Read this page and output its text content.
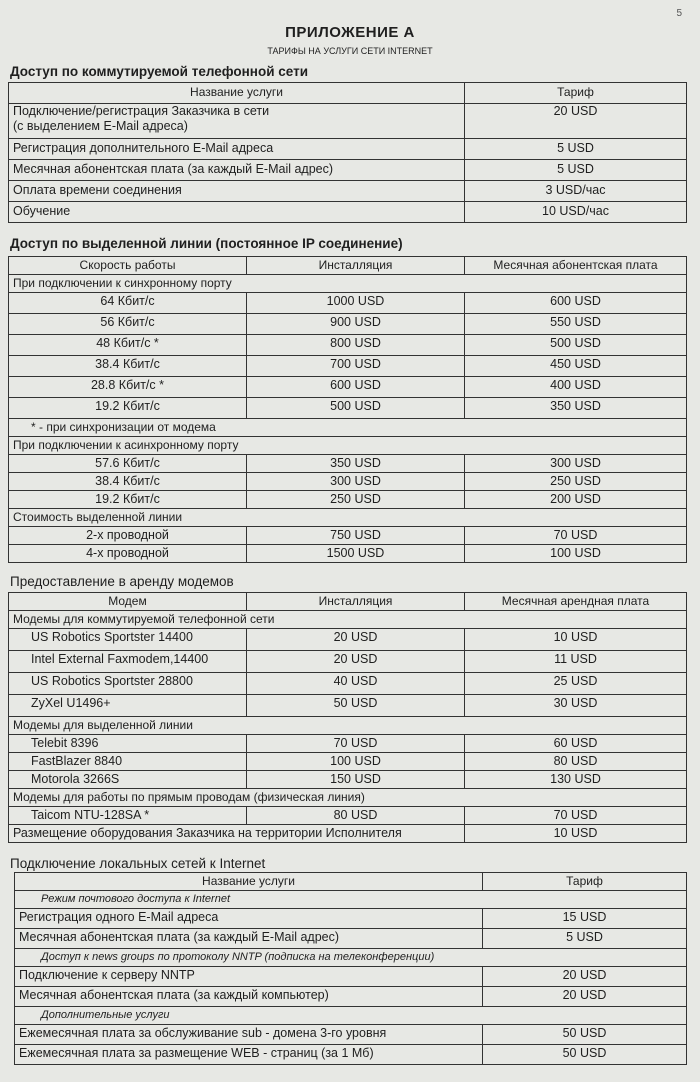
5
ПРИЛОЖЕНИЕ А

ТАРИФЫ НА УСЛУГИ СЕТИ INTERNET

Доступ по коммутируемой телефонной сети
Название услуги	Тариф
Подключение/регистрация Заказчика в сети
(с выделением E-Mail адреса)	20 USD
Регистрация дополнительного E-Mail адреса	5 USD
Месячная абонентская плата (за каждый E-Mail адрес)	5 USD
Оплата времени соединения	3 USD/час
Обучение	10 USD/час
Доступ по выделенной линии (постоянное IP соединение)
Скорость работы	Инсталляция	Месячная абонентская плата
При подключении к синхронному порту		
64 Кбит/с	1000 USD	600 USD
56 Кбит/с	900 USD	550 USD
48 Кбит/с *	800 USD	500 USD
38.4 Кбит/с	700 USD	450 USD
28.8 Кбит/с *	600 USD	400 USD
19.2 Кбит/с	500 USD	350 USD
* - при синхронизации от модема		
При подключении к асинхронному порту		
57.6 Кбит/с	350 USD	300 USD
38.4 Кбит/с	300 USD	250 USD
19.2 Кбит/с	250 USD	200 USD
Стоимость выделенной линии		
2-х проводной	750 USD	70 USD
4-х проводной	1500 USD	100 USD
Предоставление в аренду модемов
Модем	Инсталляция	Месячная арендная плата
Модемы для коммутируемой телефонной сети		
US Robotics Sportster 14400	20 USD	10 USD
Intel External Faxmodem,14400	20 USD	11 USD
US Robotics Sportster 28800	40 USD	25 USD
ZyXel U1496+	50 USD	30 USD
Модемы для выделенной линии		
Telebit 8396	70 USD	60 USD
FastBlazer 8840	100 USD	80 USD
Motorola 3266S	150 USD	130 USD
Модемы для работы по прямым проводам (физическая линия)		
Taicom NTU-128SA *	80 USD	70 USD
Размещение оборудования Заказчика на территории Исполнителя		10 USD
Подключение локальных сетей к Internet
Название услуги	Тариф
Режим почтового доступа к Internet	
Регистрация одного E-Mail адреса	15 USD
Месячная абонентская плата (за каждый E-Mail адрес)	5 USD
Доступ к news groups по протоколу NNTP (подписка на телеконференции)	
Подключение к серверу NNTP	20 USD
Месячная абонентская плата (за каждый компьютер)	20 USD
Дополнительные услуги	
Ежемесячная плата за обслуживание sub - домена 3-го уровня	50 USD
Ежемесячная плата за размещение WEB - страниц (за 1 Мб)	50 USD
